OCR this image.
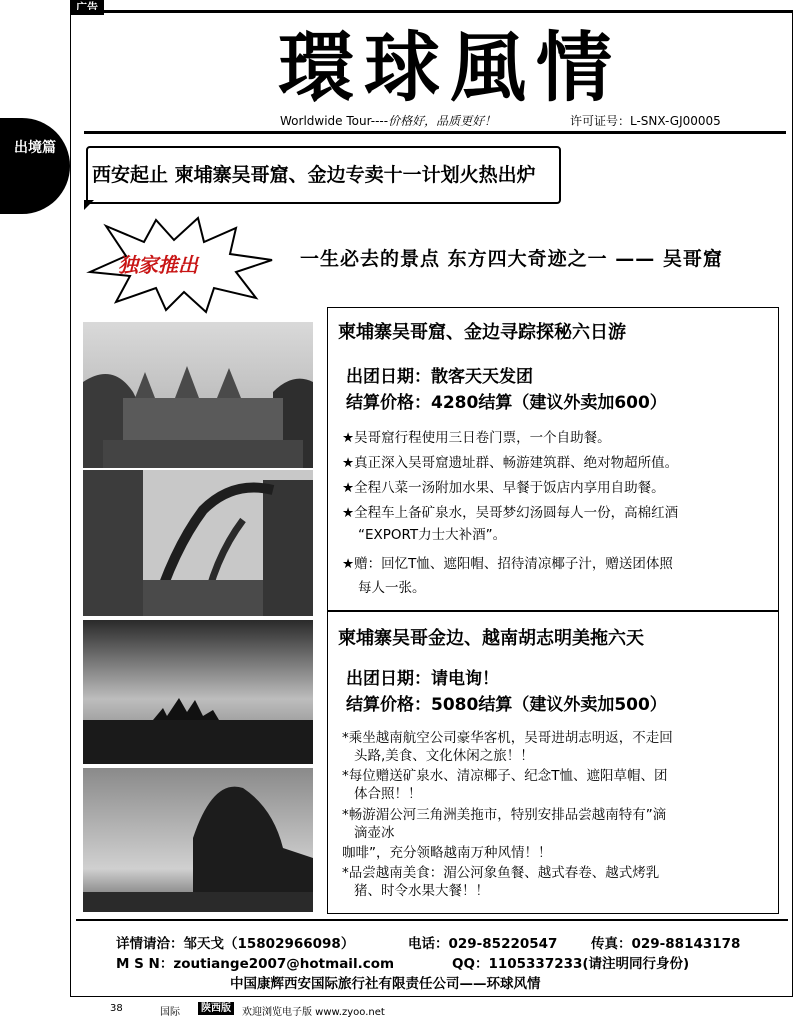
广告
出境篇
環球風情
Worldwide Tour----价格好，品质更好！	许可证号：L-SNX-GJ00005
西安起止 柬埔寨吴哥窟、金边专卖十一计划火热出炉
独家推出	一生必去的景点 东方四大奇迹之一 —— 吴哥窟
柬埔寨吴哥窟、金边寻踪探秘六日游
出团日期：散客天天发团
结算价格：4280结算（建议外卖加600）
★吴哥窟行程使用三日卷门票，一个自助餐。
★真正深入吴哥窟遗址群、畅游建筑群、绝对物超所值。
★全程八菜一汤附加水果、早餐于饭店内享用自助餐。
★全程车上备矿泉水，吴哥梦幻汤圆每人一份，高棉红酒
“EXPORT力士大补酒”。
★赠：回忆T恤、遮阳帽、招待清凉椰子汁，赠送团体照
每人一张。
柬埔寨吴哥金边、越南胡志明美拖六天
出团日期：请电询！
结算价格：5080结算（建议外卖加500）
*乘坐越南航空公司豪华客机，吴哥进胡志明返，不走回
头路,美食、文化休闲之旅！！
*每位赠送矿泉水、清凉椰子、纪念T恤、遮阳草帽、团
体合照！！
*畅游湄公河三角洲美拖市，特别安排品尝越南特有”滴
滴壶冰
咖啡”，充分领略越南万种风情！！
*品尝越南美食：湄公河象鱼餐、越式春卷、越式烤乳
猪、时令水果大餐！！
详情请洽：邹天戈（15802966098）	电话：029-85220547 传真：029-88143178
M S N：zoutiange2007@hotmail.com	QQ：1105337233(请注明同行身份)
中国康辉西安国际旅行社有限责任公司——环球风情
38	国际	陕西版	欢迎浏览电子版 www.zyoo.net
